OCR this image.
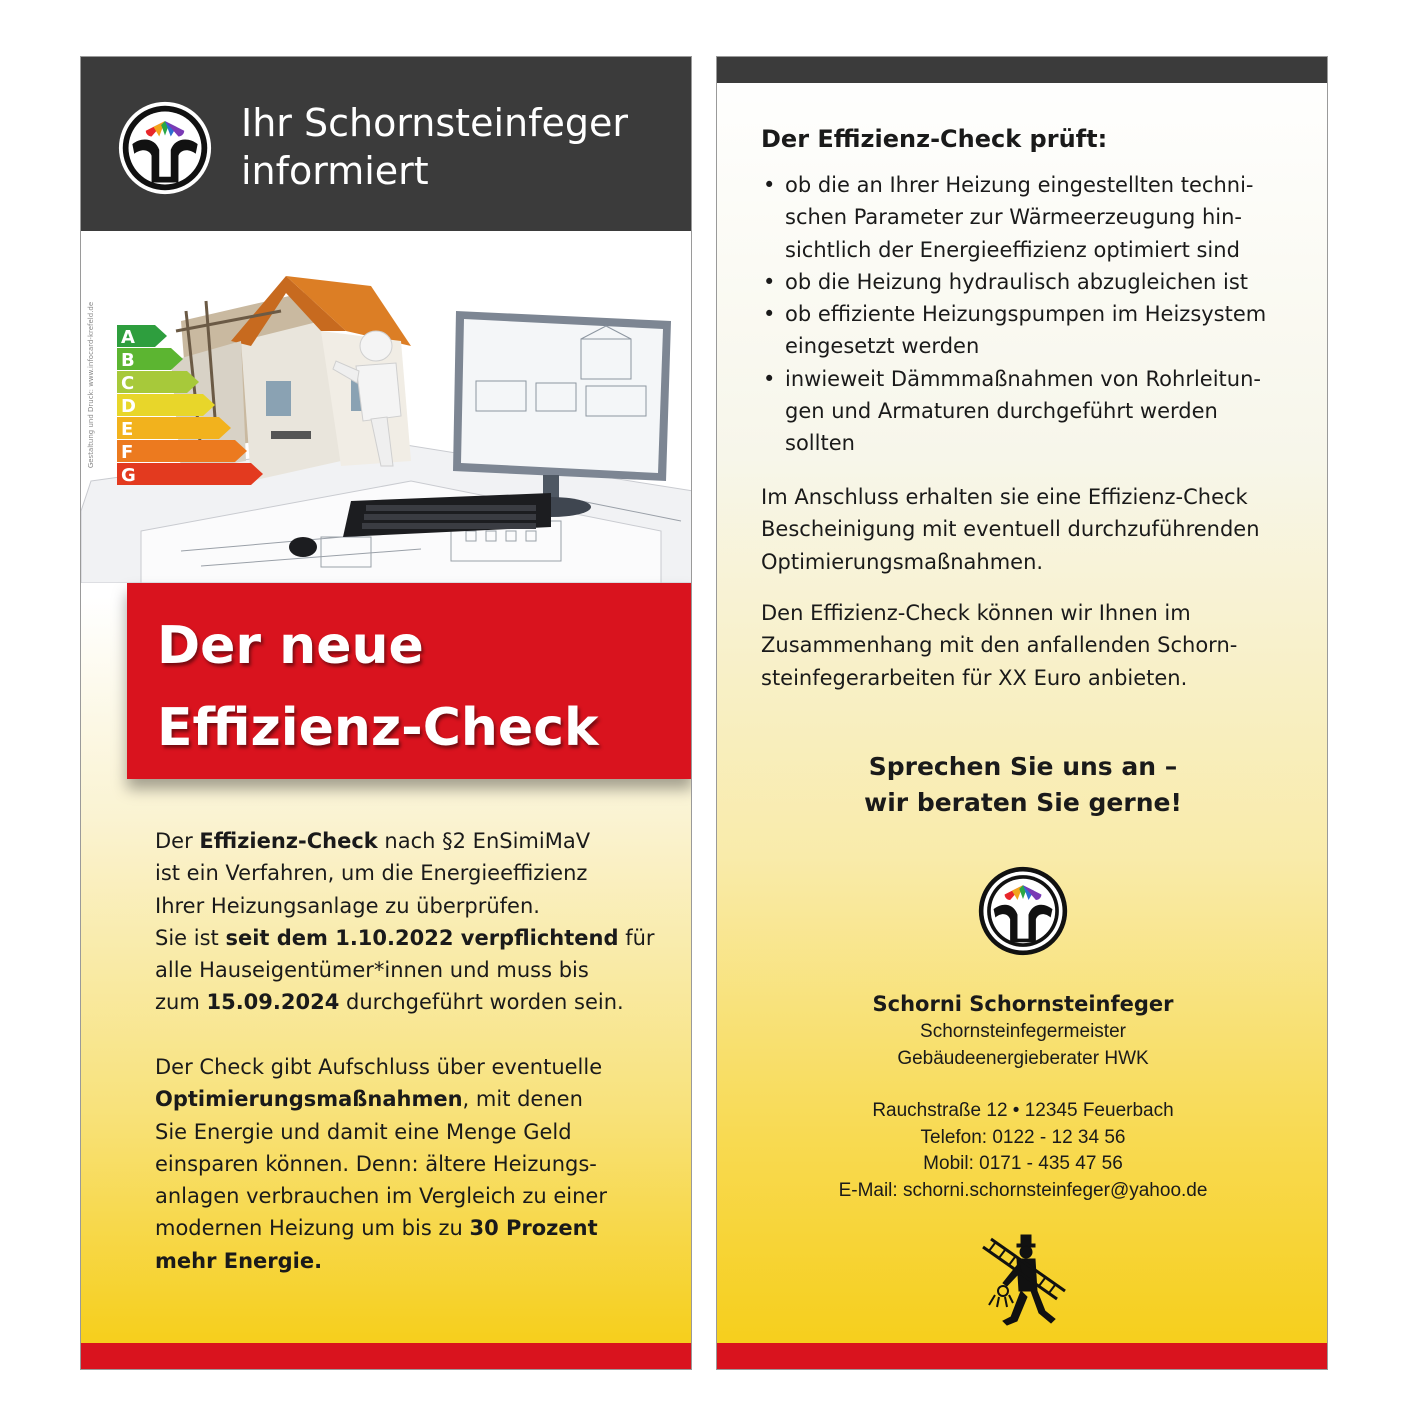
Ihr Schornsteinfeger
informiert
Gestaltung und Druck: www.infocard-krefeld.de A
B
C
D
E
F
G
Der neue
Effizienz-Check
Der Effizienz-Check nach §2 EnSimiMaV
ist ein Verfahren, um die Energieeffizienz
Ihrer Heizungsanlage zu überprüfen.
Sie ist seit dem 1.10.2022 verpflichtend für
alle Hauseigentümer*innen und muss bis
zum 15.09.2024 durchgeführt worden sein.
Der Check gibt Aufschluss über eventuelle
Optimierungsmaßnahmen, mit denen
Sie Energie und damit eine Menge Geld
einsparen können. Denn: ältere Heizungs-
anlagen verbrauchen im Vergleich zu einer
modernen Heizung um bis zu 30 Prozent
mehr Energie.
Der Effizienz-Check prüft:
• ob die an Ihrer Heizung eingestellten techni-
schen Parameter zur Wärmeerzeugung hin-
sichtlich der Energieeffizienz optimiert sind
• ob die Heizung hydraulisch abzugleichen ist
• ob effiziente Heizungspumpen im Heizsystem
eingesetzt werden
• inwieweit Dämmmaßnahmen von Rohrleitun-
gen und Armaturen durchgeführt werden
sollten
Im Anschluss erhalten sie eine Effizienz-Check
Bescheinigung mit eventuell durchzuführenden
Optimierungsmaßnahmen.
Den Effizienz-Check können wir Ihnen im
Zusammenhang mit den anfallenden Schorn-
steinfegerarbeiten für XX Euro anbieten.
Sprechen Sie uns an –
wir beraten Sie gerne!
Schorni Schornsteinfeger
Schornsteinfegermeister
Gebäudeenergieberater HWK
Rauchstraße 12 • 12345 Feuerbach
Telefon: 0122 - 12 34 56
Mobil: 0171 - 435 47 56
E-Mail: schorni.schornsteinfeger@yahoo.de
